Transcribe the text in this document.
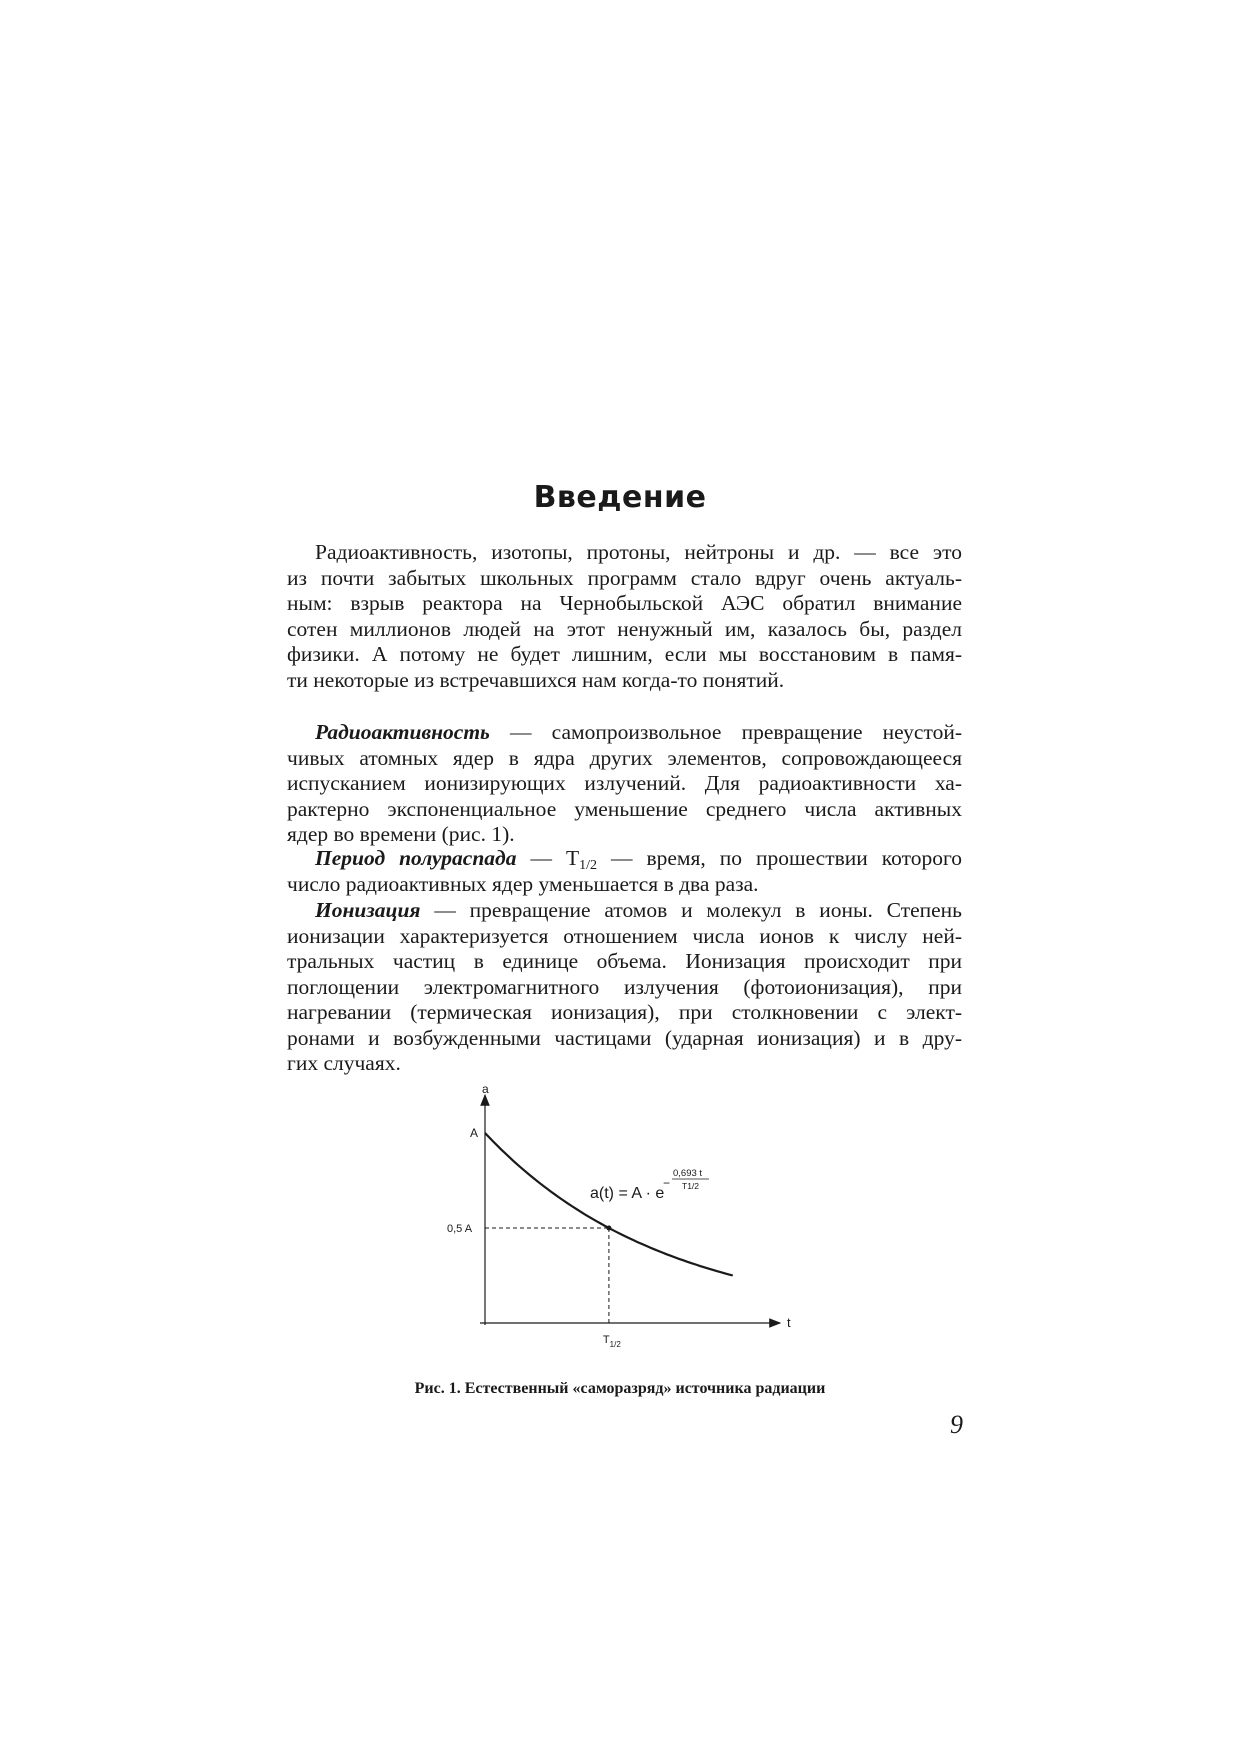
Введение
Радиоактивность, изотопы, протоны, нейтроны и др. — все это
из почти забытых школьных программ стало вдруг очень актуаль-
ным: взрыв реактора на Чернобыльской АЭС обратил внимание
сотен миллионов людей на этот ненужный им, казалось бы, раздел
физики. А потому не будет лишним, если мы восстановим в памя-
ти некоторые из встречавшихся нам когда-то понятий.
Радиоактивность — самопроизвольное превращение неустой-
чивых атомных ядер в ядра других элементов, сопровождающееся
испусканием ионизирующих излучений. Для радиоактивности ха-
рактерно экспоненциальное уменьшение среднего числа активных
ядер во времени (рис. 1).
Период полураспада — $T_{1/2}$ — время, по прошествии которого
число радиоактивных ядер уменьшается в два раза.
Ионизация — превращение атомов и молекул в ионы. Степень
ионизации характеризуется отношением числа ионов к числу ней-
тральных частиц в единице объема. Ионизация происходит при
поглощении электромагнитного излучения (фотоионизация), при
нагревании (термическая ионизация), при столкновении с элект-
ронами и возбужденными частицами (ударная ионизация) и в дру-
гих случаях.
a
t
A
0,5 A
$T_{1/2}$
a(t) = A · e
−
0,693 t
T1/2
Рис. 1. Естественный «саморазряд» источника радиации
9
